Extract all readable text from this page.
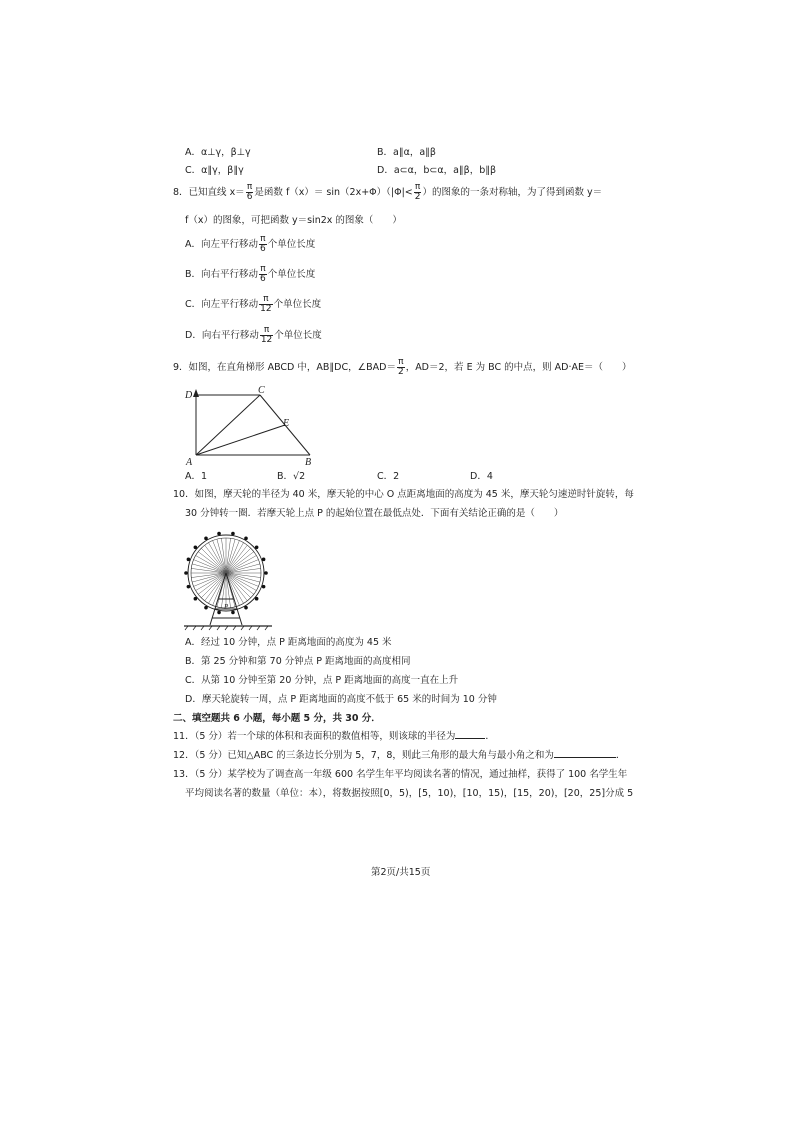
A．α⊥γ，β⊥γ	B．a∥α，a∥β
C．α∥γ，β∥γ	D．a⊂α，b⊂α，a∥β，b∥β
8．已知直线 $x= \frac{\pi}{6}$ 是函数 $f(x)= \sin(2x+\Phi)(|\Phi|< \frac{\pi}{2}$ ）的图象的一条对称轴，为了得到函数 y＝
f（x）的图象，可把函数 y＝sin2x 的图象（　　）
A．向左平行移动 $\frac{\pi}{6}$ 个单位长度
B．向右平行移动 $\frac{\pi}{6}$ 个单位长度
C．向左平行移动 $\frac{\pi}{12}$ 个单位长度
D．向右平行移动 $\frac{\pi}{12}$ 个单位长度
9．如图，在直角梯形 ABCD 中，AB∥DC，∠BAD＝ $\frac{\pi}{2}$ ，AD＝2，若 E 为 BC 的中点，则 AD·AE＝（　　）
D	C
E
A	B
A．1	B．√2	C．2	D．4
10．如图，摩天轮的半径为 40 米，摩天轮的中心 O 点距离地面的高度为 45 米，摩天轮匀速逆时针旋转，每
30 分钟转一圈．若摩天轮上点 P 的起始位置在最低点处．下面有关结论正确的是（　　）
P
A．经过 10 分钟，点 P 距离地面的高度为 45 米
B．第 25 分钟和第 70 分钟点 P 距离地面的高度相同
C．从第 10 分钟至第 20 分钟，点 P 距离地面的高度一直在上升
D．摩天轮旋转一周，点 P 距离地面的高度不低于 65 米的时间为 10 分钟
二、填空题共 6 小题，每小题 5 分，共 30 分．
11．（5 分）若一个球的体积和表面积的数值相等，则该球的半径为	．
12．（5 分）已知△ABC 的三条边长分别为 5，7，8，则此三角形的最大角与最小角之和为	．
13．（5 分）某学校为了调查高一年级 600 名学生年平均阅读名著的情况，通过抽样，获得了 100 名学生年
平均阅读名著的数量（单位：本），将数据按照[0，5)，[5，10)，[10，15)，[15，20)，[20，25]分成 5
第2页/共15页
